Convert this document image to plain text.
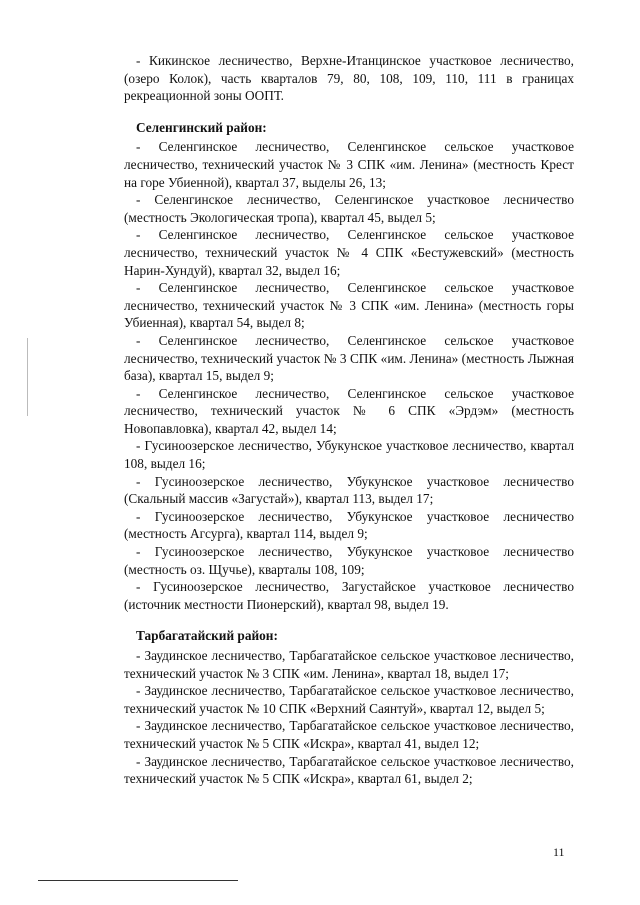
- Кикинское лесничество, Верхне-Итанцинское участковое лесничество, (озеро Колок), часть кварталов 79, 80, 108, 109, 110, 111 в границах рекреационной зоны ООПТ.

Селенгинский район:

- Селенгинское лесничество, Селенгинское сельское участковое лесничество, технический участок № 3 СПК «им. Ленина» (местность Крест на горе Убиенной), квартал 37, выделы 26, 13;

- Селенгинское лесничество, Селенгинское участковое лесничество (местность Экологическая тропа), квартал 45, выдел 5;

- Селенгинское лесничество, Селенгинское сельское участковое лесничество, технический участок № 4 СПК «Бестужевский» (местность Нарин-Хундуй), квартал 32, выдел 16;

- Селенгинское лесничество, Селенгинское сельское участковое лесничество, технический участок № 3 СПК «им. Ленина» (местность горы Убиенная), квартал 54, выдел 8;

- Селенгинское лесничество, Селенгинское сельское участковое лесничество, технический участок № 3 СПК «им. Ленина» (местность Лыжная база), квартал 15, выдел 9;

- Селенгинское лесничество, Селенгинское сельское участковое лесничество, технический участок № 6 СПК «Эрдэм» (местность Новопавловка), квартал 42, выдел 14;

- Гусиноозерское лесничество, Убукунское участковое лесничество, квартал 108, выдел 16;

- Гусиноозерское лесничество, Убукунское участковое лесничество (Скальный массив «Загустай»), квартал 113, выдел 17;

- Гусиноозерское лесничество, Убукунское участковое лесничество (местность Агсурга), квартал 114, выдел 9;

- Гусиноозерское лесничество, Убукунское участковое лесничество (местность оз. Щучье), кварталы 108, 109;

- Гусиноозерское лесничество, Загустайское участковое лесничество (источник местности Пионерский), квартал 98, выдел 19.

Тарбагатайский район:

- Заудинское лесничество, Тарбагатайское сельское участковое лесничество, технический участок № 3 СПК «им. Ленина», квартал 18, выдел 17;

- Заудинское лесничество, Тарбагатайское сельское участковое лесничество, технический участок № 10 СПК «Верхний Саянтуй», квартал 12, выдел 5;

- Заудинское лесничество, Тарбагатайское сельское участковое лесничество, технический участок № 5 СПК «Искра», квартал 41, выдел 12;

- Заудинское лесничество, Тарбагатайское сельское участковое лесничество, технический участок № 5 СПК «Искра», квартал 61, выдел 2;

11
